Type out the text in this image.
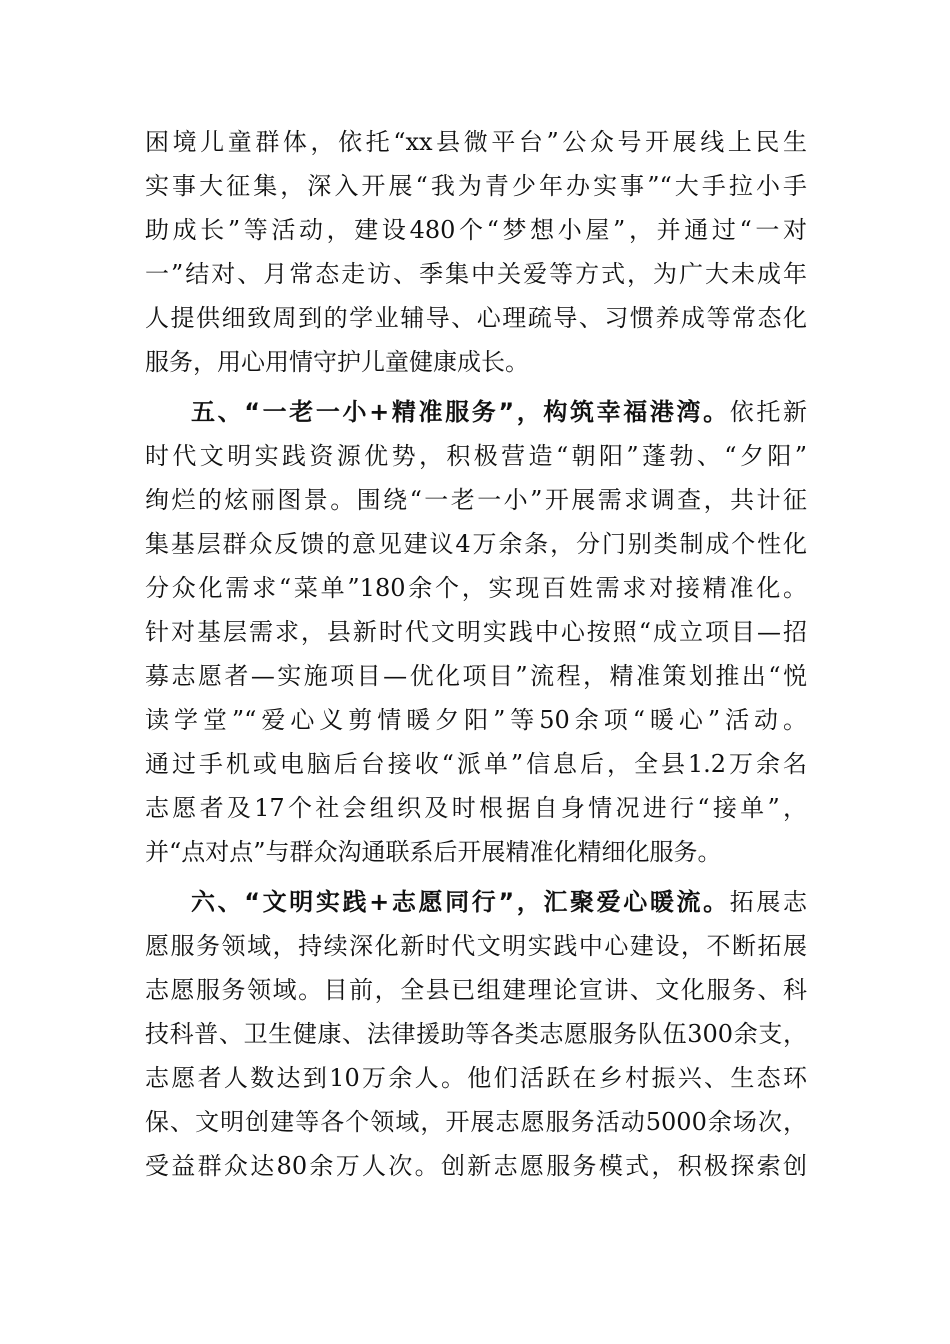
困境儿童群体，依托“xx县微平台”公众号开展线上民生
实事大征集，深入开展“我为青少年办实事”“大手拉小手
助成长”等活动，建设480个“梦想小屋”，并通过“一对
一”结对、月常态走访、季集中关爱等方式，为广大未成年
人提供细致周到的学业辅导、心理疏导、习惯养成等常态化
服务，用心用情守护儿童健康成长。
五、“一老一小+精准服务”，构筑幸福港湾。依托新
时代文明实践资源优势，积极营造“朝阳”蓬勃、“夕阳”
绚烂的炫丽图景。围绕“一老一小”开展需求调查，共计征
集基层群众反馈的意见建议4万余条，分门别类制成个性化
分众化需求“菜单”180余个，实现百姓需求对接精准化。
针对基层需求，县新时代文明实践中心按照“成立项目—招
募志愿者—实施项目—优化项目”流程，精准策划推出“悦
读学堂”“爱心义剪情暖夕阳”等50余项“暖心”活动。
通过手机或电脑后台接收“派单”信息后，全县1.2万余名
志愿者及17个社会组织及时根据自身情况进行“接单”，
并“点对点”与群众沟通联系后开展精准化精细化服务。
六、“文明实践+志愿同行”，汇聚爱心暖流。拓展志
愿服务领域，持续深化新时代文明实践中心建设，不断拓展
志愿服务领域。目前，全县已组建理论宣讲、文化服务、科
技科普、卫生健康、法律援助等各类志愿服务队伍300余支，
志愿者人数达到10万余人。他们活跃在乡村振兴、生态环
保、文明创建等各个领域，开展志愿服务活动5000余场次，
受益群众达80余万人次。创新志愿服务模式，积极探索创
